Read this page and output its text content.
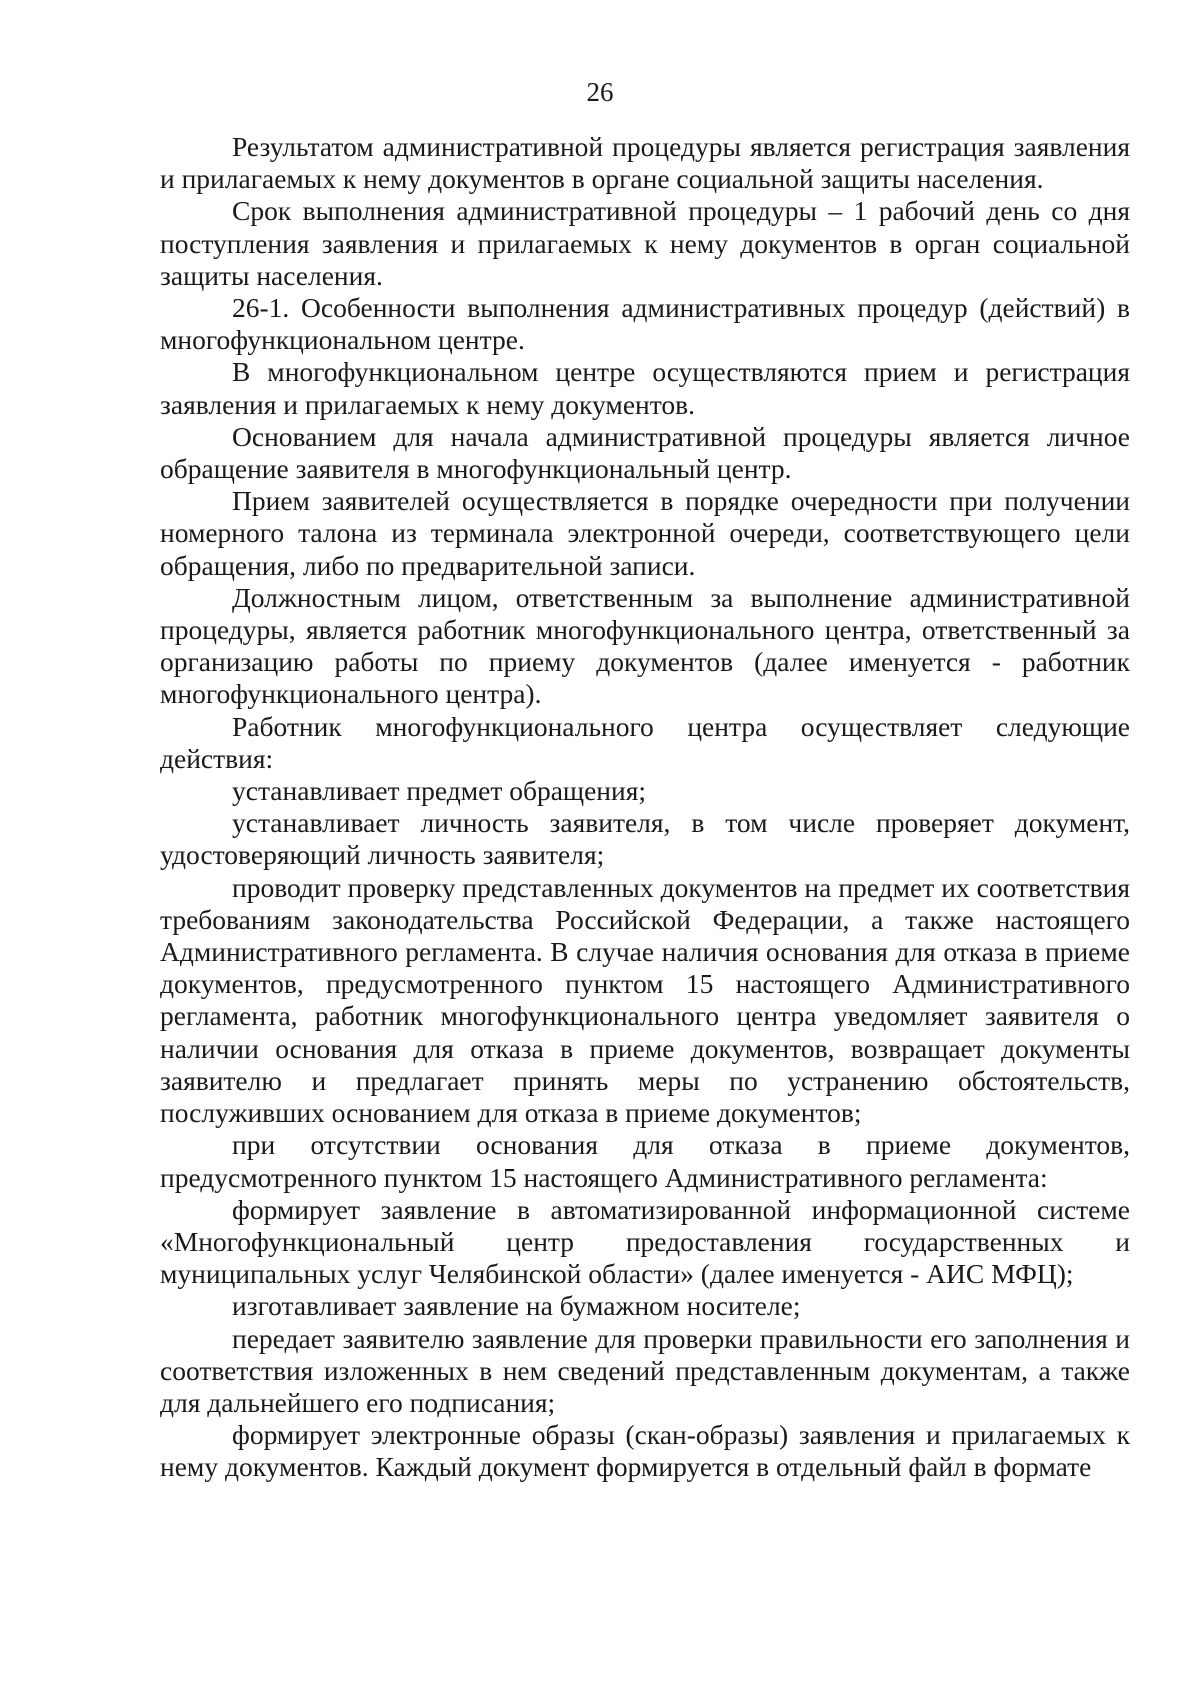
26

Результатом административной процедуры является регистрация заявления и прилагаемых к нему документов в органе социальной защиты населения.

Срок выполнения административной процедуры – 1 рабочий день со дня поступления заявления и прилагаемых к нему документов в орган социальной защиты населения.

26-1. Особенности выполнения административных процедур (действий) в многофункциональном центре.

В многофункциональном центре осуществляются прием и регистрация заявления и прилагаемых к нему документов.

Основанием для начала административной процедуры является личное обращение заявителя в многофункциональный центр.

Прием заявителей осуществляется в порядке очередности при получении номерного талона из терминала электронной очереди, соответствующего цели обращения, либо по предварительной записи.

Должностным лицом, ответственным за выполнение административной процедуры, является работник многофункционального центра, ответственный за организацию работы по приему документов (далее именуется - работник многофункционального центра).

Работник многофункционального центра осуществляет следующие действия:

устанавливает предмет обращения;

устанавливает личность заявителя, в том числе проверяет документ, удостоверяющий личность заявителя;

проводит проверку представленных документов на предмет их соответствия требованиям законодательства Российской Федерации, а также настоящего Административного регламента. В случае наличия основания для отказа в приеме документов, предусмотренного пунктом 15 настоящего Административного регламента, работник многофункционального центра уведомляет заявителя о наличии основания для отказа в приеме документов, возвращает документы заявителю и предлагает принять меры по устранению обстоятельств, послуживших основанием для отказа в приеме документов;

при отсутствии основания для отказа в приеме документов, предусмотренного пунктом 15 настоящего Административного регламента:

формирует заявление в автоматизированной информационной системе «Многофункциональный центр предоставления государственных и муниципальных услуг Челябинской области» (далее именуется - АИС МФЦ);

изготавливает заявление на бумажном носителе;

передает заявителю заявление для проверки правильности его заполнения и соответствия изложенных в нем сведений представленным документам, а также для дальнейшего его подписания;

формирует электронные образы (скан-образы) заявления и прилагаемых к нему документов. Каждый документ формируется в отдельный файл в формате
